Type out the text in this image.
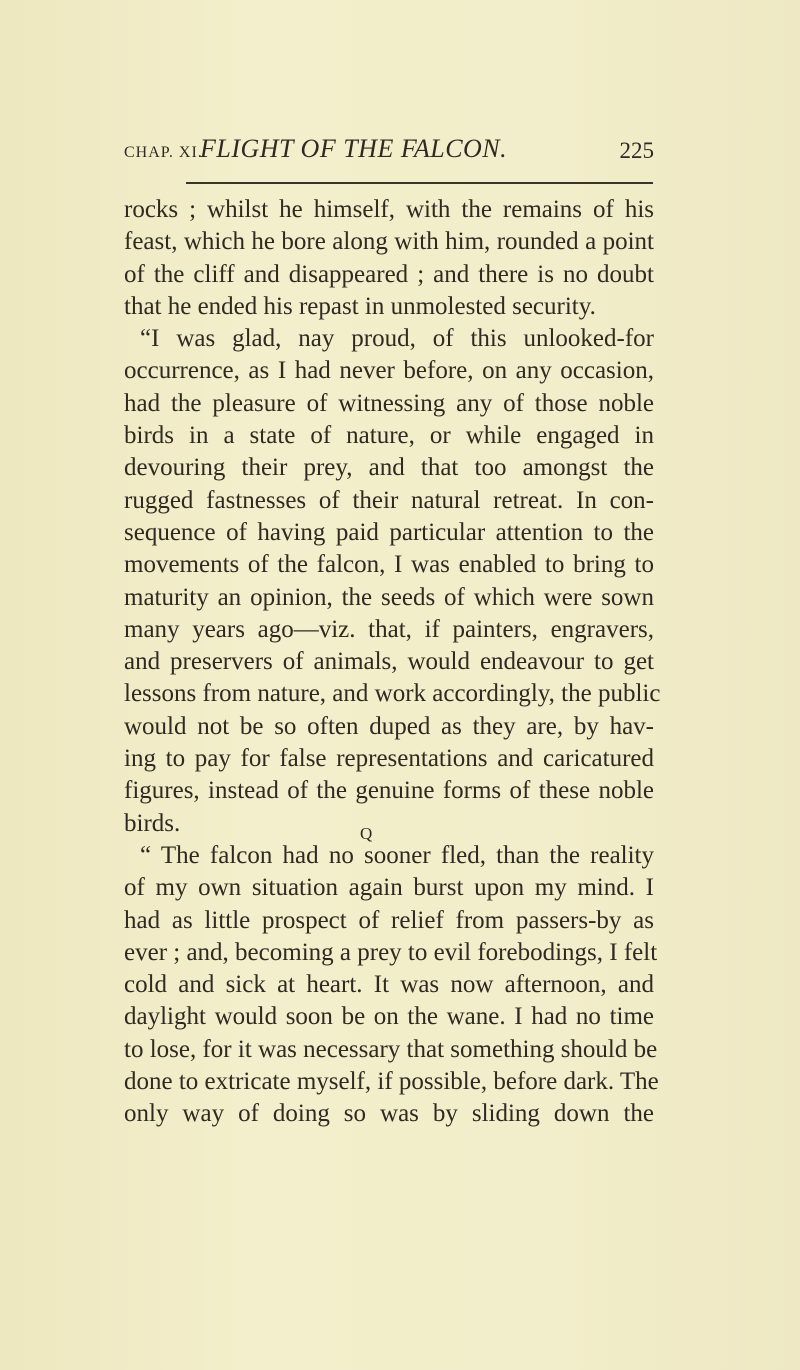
CHAP. XI.
FLIGHT OF THE FALCON.	225
rocks ; whilst he himself, with the remains of his
feast, which he bore along with him, rounded a point
of the cliff and disappeared ; and there is no doubt
that he ended his repast in unmolested security.
“I was glad, nay proud, of this unlooked-for
occurrence, as I had never before, on any occasion,
had the pleasure of witnessing any of those noble
birds in a state of nature, or while engaged in
devouring their prey, and that too amongst the
rugged fastnesses of their natural retreat. In con-
sequence of having paid particular attention to the
movements of the falcon, I was enabled to bring to
maturity an opinion, the seeds of which were sown
many years ago—viz. that, if painters, engravers,
and preservers of animals, would endeavour to get
lessons from nature, and work accordingly, the public
would not be so often duped as they are, by hav-
ing to pay for false representations and caricatured
figures, instead of the genuine forms of these noble
birds.
“ The falcon had no sooner fled, than the reality
of my own situation again burst upon my mind. I
had as little prospect of relief from passers-by as
ever ; and, becoming a prey to evil forebodings, I felt
cold and sick at heart. It was now afternoon, and
daylight would soon be on the wane. I had no time
to lose, for it was necessary that something should be
done to extricate myself, if possible, before dark. The
only way of doing so was by sliding down the
Q
